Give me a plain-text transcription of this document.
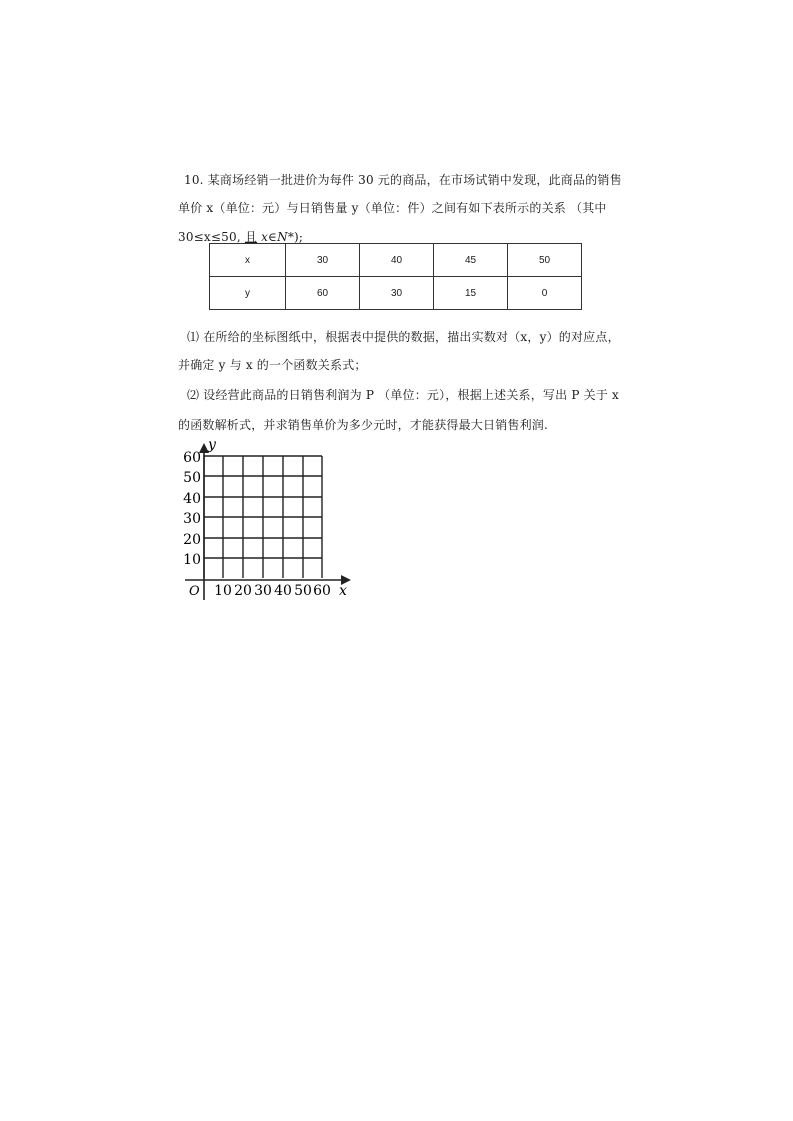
10. 某商场经销一批进价为每件 30 元的商品，在市场试销中发现，此商品的销售
单价 x（单位：元）与日销售量 y（单位：件）之间有如下表所示的关系 （其中
30≤x≤50, 且 x∈N*);
x	30	40	45	50
y	60	30	15	0
⑴ 在所给的坐标图纸中，根据表中提供的数据，描出实数对（x，y）的对应点，
并确定 y 与 x 的一个函数关系式；
⑵ 设经营此商品的日销售利润为 P （单位：元），根据上述关系，写出 P 关于 x
的函数解析式，并求销售单价为多少元时，才能获得最大日销售利润.
y
x
O
60
50
40
30
20
10
10 20 30 40 50 60
